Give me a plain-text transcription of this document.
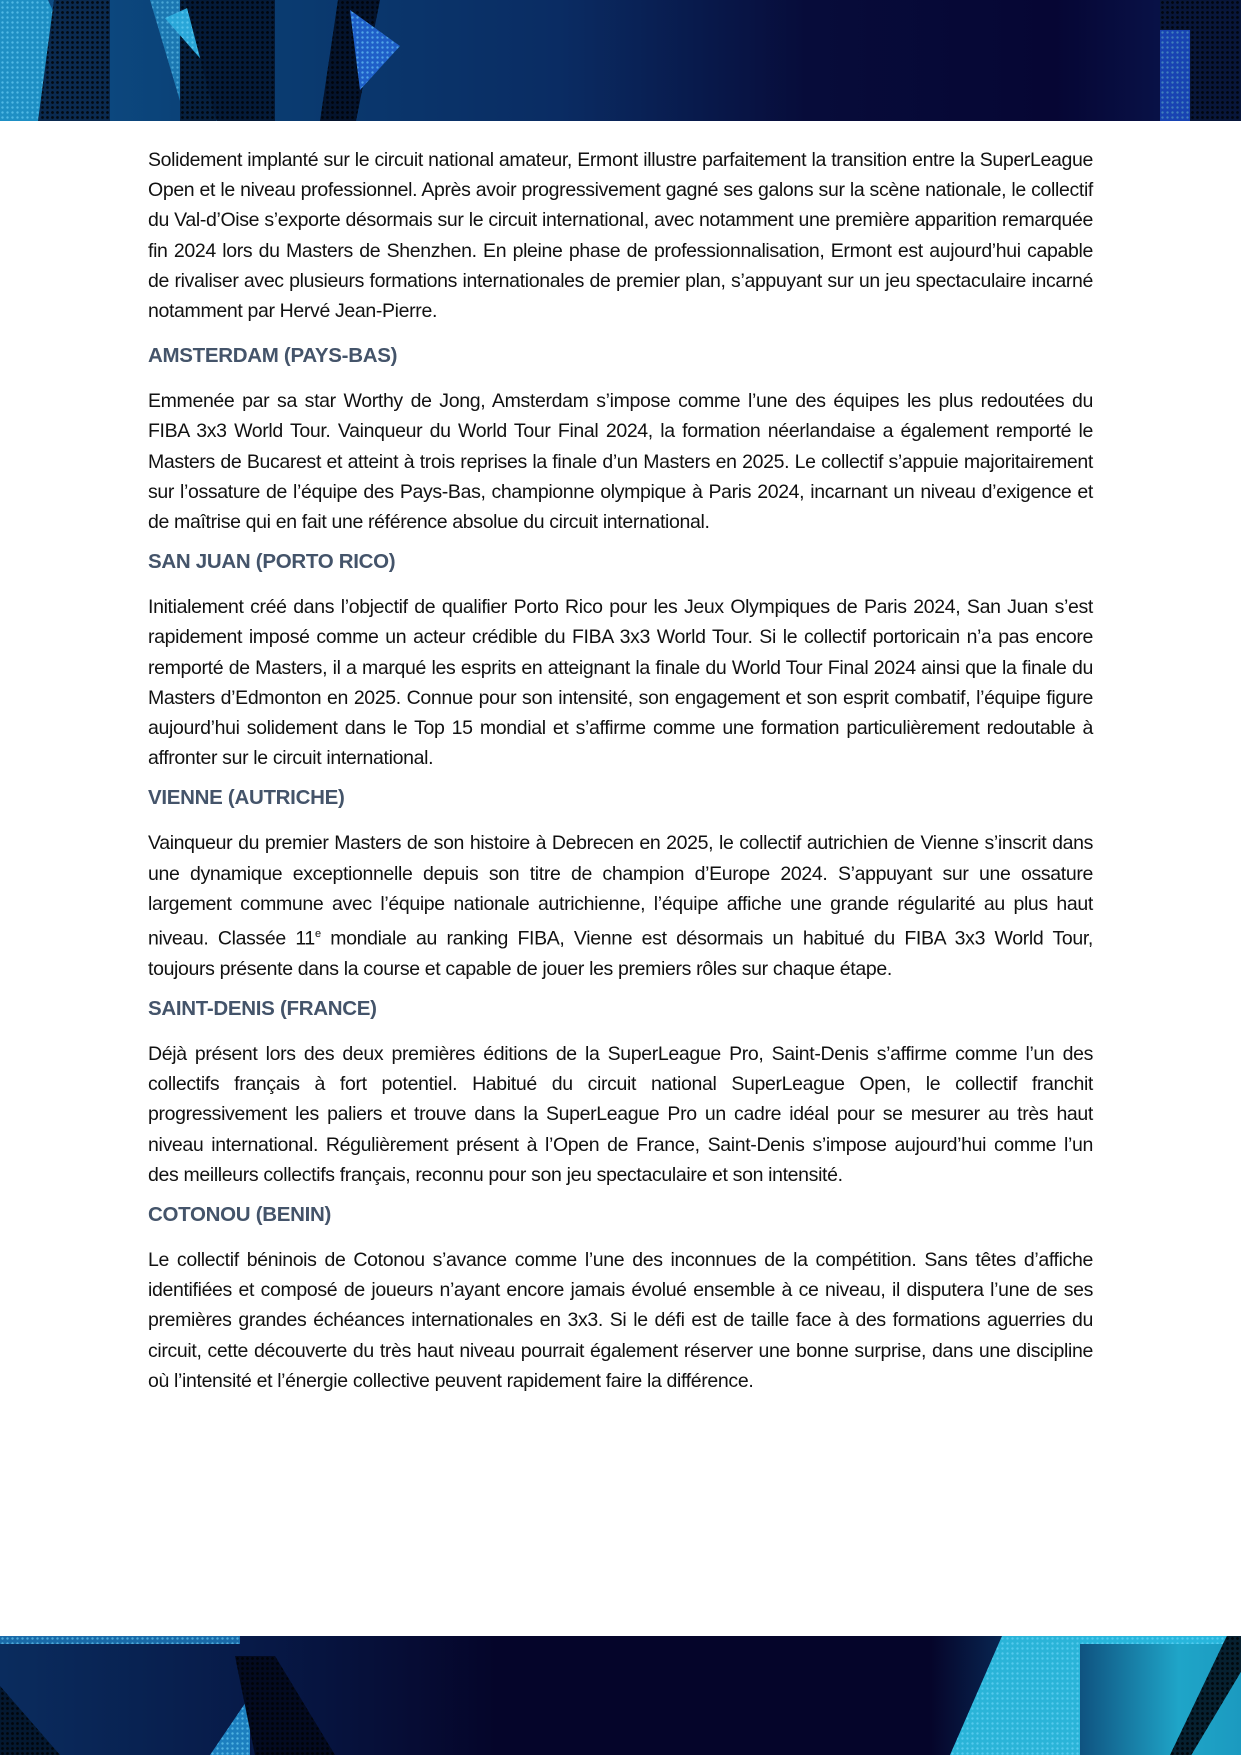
Solidement implanté sur le circuit national amateur, Ermont illustre parfaitement la transition entre la SuperLeague Open et le niveau professionnel. Après avoir progressivement gagné ses galons sur la scène nationale, le collectif du Val-d’Oise s’exporte désormais sur le circuit international, avec notamment une première apparition remarquée fin 2024 lors du Masters de Shenzhen. En pleine phase de professionnalisation, Ermont est aujourd’hui capable de rivaliser avec plusieurs formations internationales de premier plan, s’appuyant sur un jeu spectaculaire incarné notamment par Hervé Jean-Pierre.

AMSTERDAM (PAYS-BAS)

Emmenée par sa star Worthy de Jong, Amsterdam s’impose comme l’une des équipes les plus redoutées du FIBA 3x3 World Tour. Vainqueur du World Tour Final 2024, la formation néerlandaise a également remporté le Masters de Bucarest et atteint à trois reprises la finale d’un Masters en 2025. Le collectif s’appuie majoritairement sur l’ossature de l’équipe des Pays-Bas, championne olympique à Paris 2024, incarnant un niveau d’exigence et de maîtrise qui en fait une référence absolue du circuit international.

SAN JUAN (PORTO RICO)

Initialement créé dans l’objectif de qualifier Porto Rico pour les Jeux Olympiques de Paris 2024, San Juan s’est rapidement imposé comme un acteur crédible du FIBA 3x3 World Tour. Si le collectif portoricain n’a pas encore remporté de Masters, il a marqué les esprits en atteignant la finale du World Tour Final 2024 ainsi que la finale du Masters d’Edmonton en 2025. Connue pour son intensité, son engagement et son esprit combatif, l’équipe figure aujourd’hui solidement dans le Top 15 mondial et s’affirme comme une formation particulièrement redoutable à affronter sur le circuit international.

VIENNE (AUTRICHE)

Vainqueur du premier Masters de son histoire à Debrecen en 2025, le collectif autrichien de Vienne s’inscrit dans une dynamique exceptionnelle depuis son titre de champion d’Europe 2024. S’appuyant sur une ossature largement commune avec l’équipe nationale autrichienne, l’équipe affiche une grande régularité au plus haut niveau. Classée 11e mondiale au ranking FIBA, Vienne est désormais un habitué du FIBA 3x3 World Tour, toujours présente dans la course et capable de jouer les premiers rôles sur chaque étape.

SAINT-DENIS (FRANCE)

Déjà présent lors des deux premières éditions de la SuperLeague Pro, Saint-Denis s’affirme comme l’un des collectifs français à fort potentiel. Habitué du circuit national SuperLeague Open, le collectif franchit progressivement les paliers et trouve dans la SuperLeague Pro un cadre idéal pour se mesurer au très haut niveau international. Régulièrement présent à l’Open de France, Saint-Denis s’impose aujourd’hui comme l’un des meilleurs collectifs français, reconnu pour son jeu spectaculaire et son intensité.

COTONOU (BENIN)

Le collectif béninois de Cotonou s’avance comme l’une des inconnues de la compétition. Sans têtes d’affiche identifiées et composé de joueurs n’ayant encore jamais évolué ensemble à ce niveau, il disputera l’une de ses premières grandes échéances internationales en 3x3. Si le défi est de taille face à des formations aguerries du circuit, cette découverte du très haut niveau pourrait également réserver une bonne surprise, dans une discipline où l’intensité et l’énergie collective peuvent rapidement faire la différence.
